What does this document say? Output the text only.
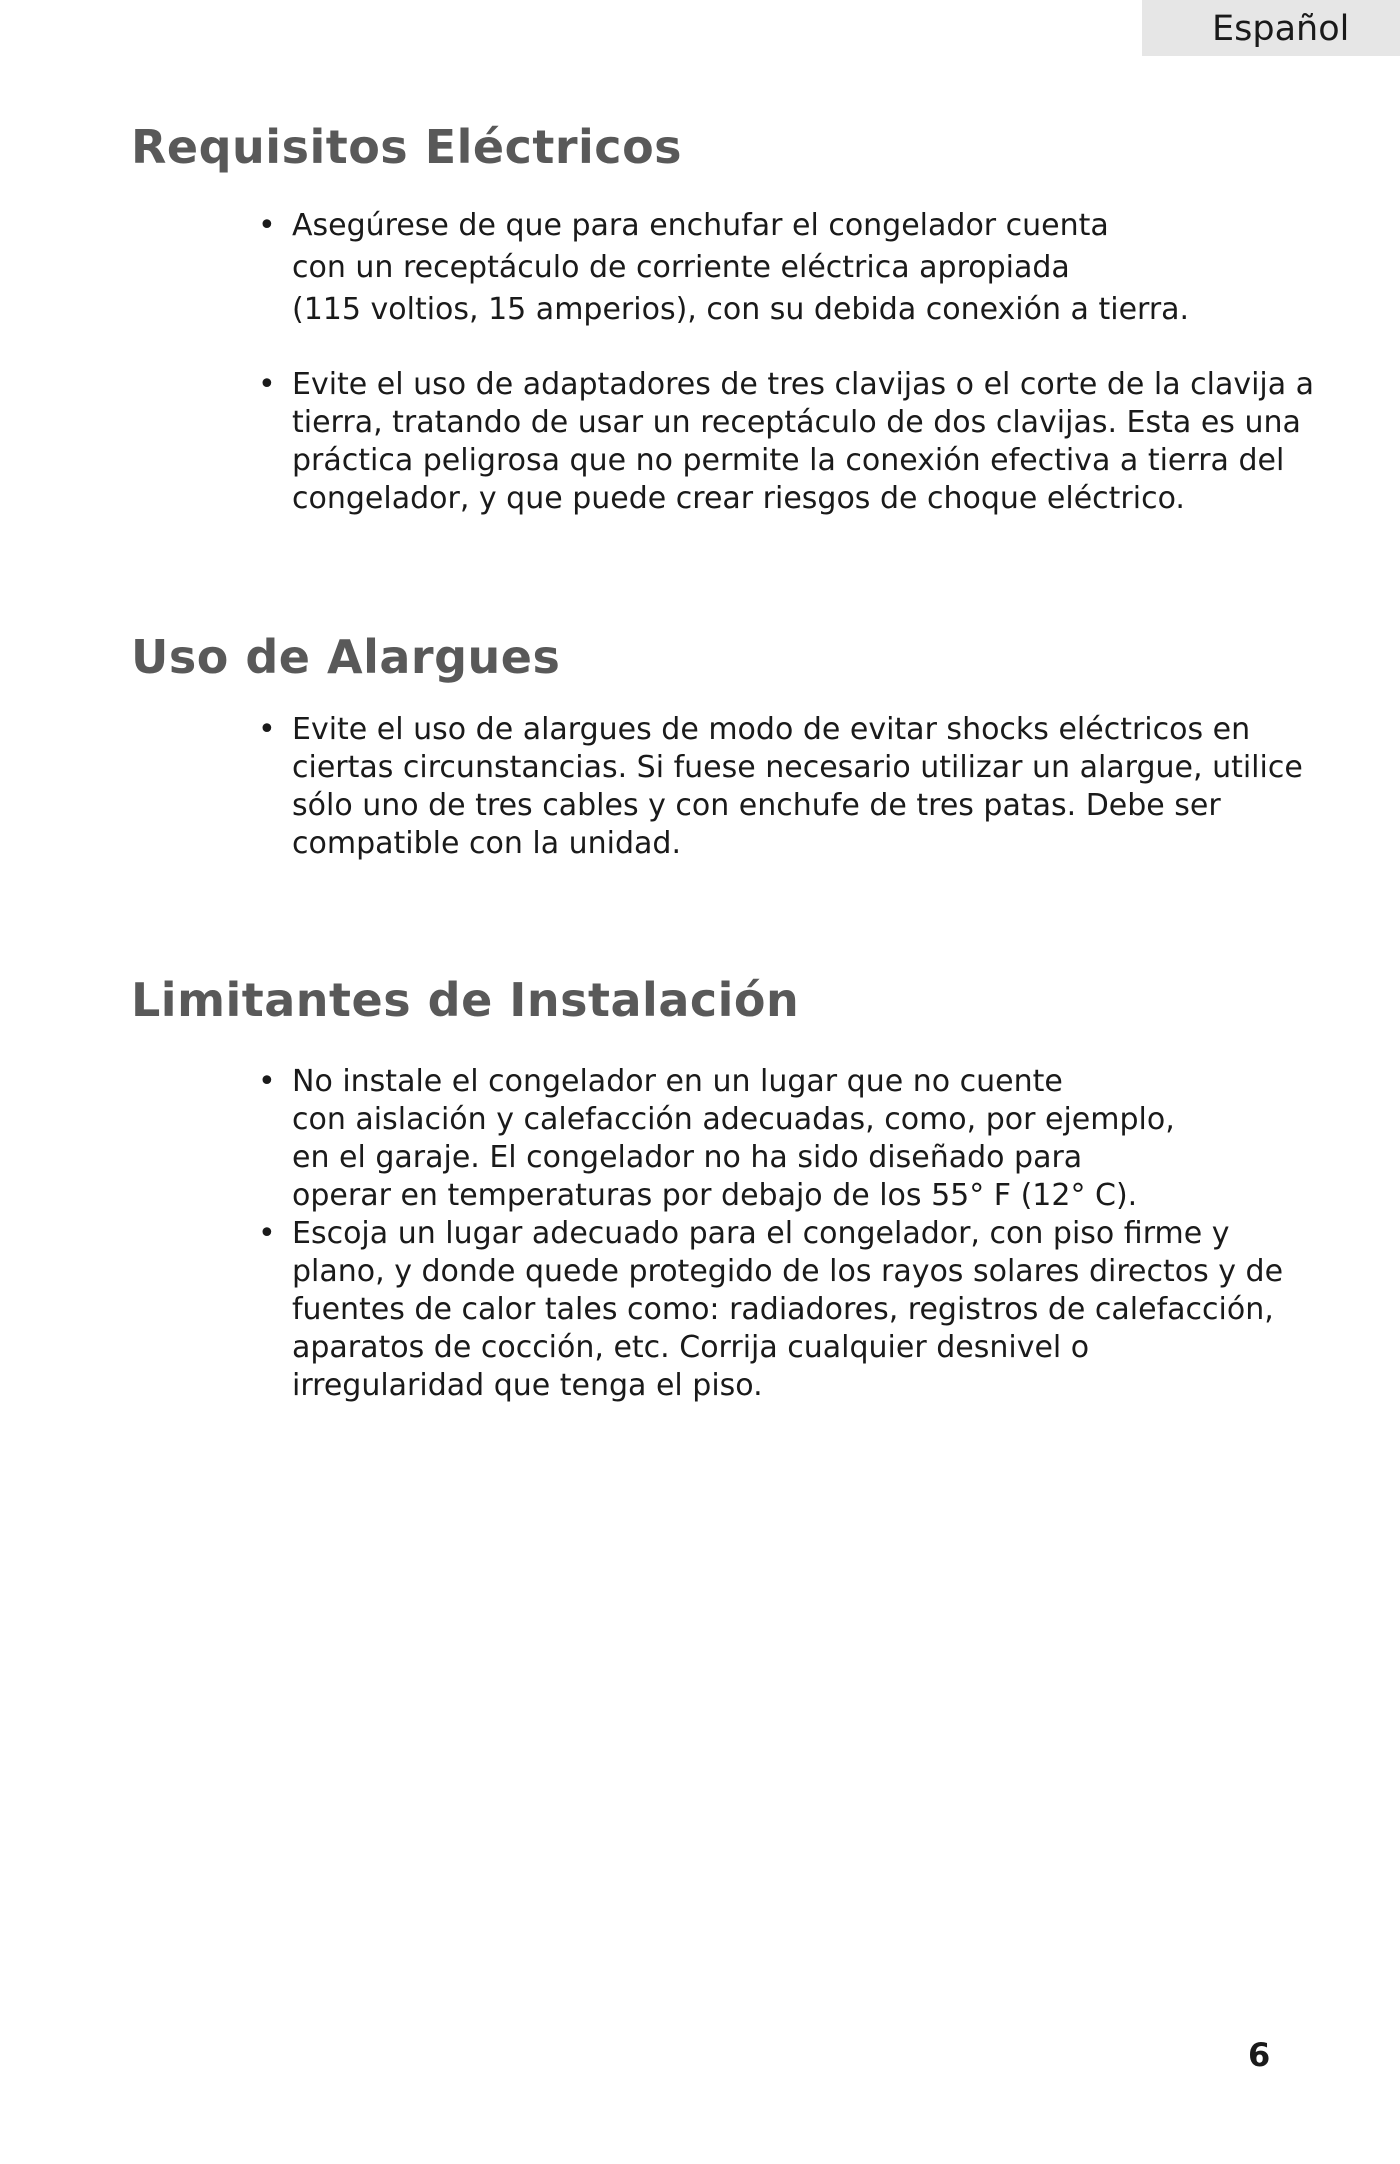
Español
Requisitos Eléctricos
• Asegúrese de que para enchufar el congelador cuenta
con un receptáculo de corriente eléctrica apropiada
(115 voltios, 15 amperios), con su debida conexión a tierra.
• Evite el uso de adaptadores de tres clavijas o el corte de la clavija a
tierra, tratando de usar un receptáculo de dos clavijas. Esta es una
práctica peligrosa que no permite la conexión efectiva a tierra del
congelador, y que puede crear riesgos de choque eléctrico.
Uso de Alargues
• Evite el uso de alargues de modo de evitar shocks eléctricos en
ciertas circunstancias. Si fuese necesario utilizar un alargue, utilice
sólo uno de tres cables y con enchufe de tres patas. Debe ser
compatible con la unidad.
Limitantes de Instalación
• No instale el congelador en un lugar que no cuente
con aislación y calefacción adecuadas, como, por ejemplo,
en el garaje. El congelador no ha sido diseñado para
operar en temperaturas por debajo de los 55° F (12° C).
• Escoja un lugar adecuado para el congelador, con piso firme y
plano, y donde quede protegido de los rayos solares directos y de
fuentes de calor tales como: radiadores, registros de calefacción,
aparatos de cocción, etc. Corrija cualquier desnivel o
irregularidad que tenga el piso.
6
